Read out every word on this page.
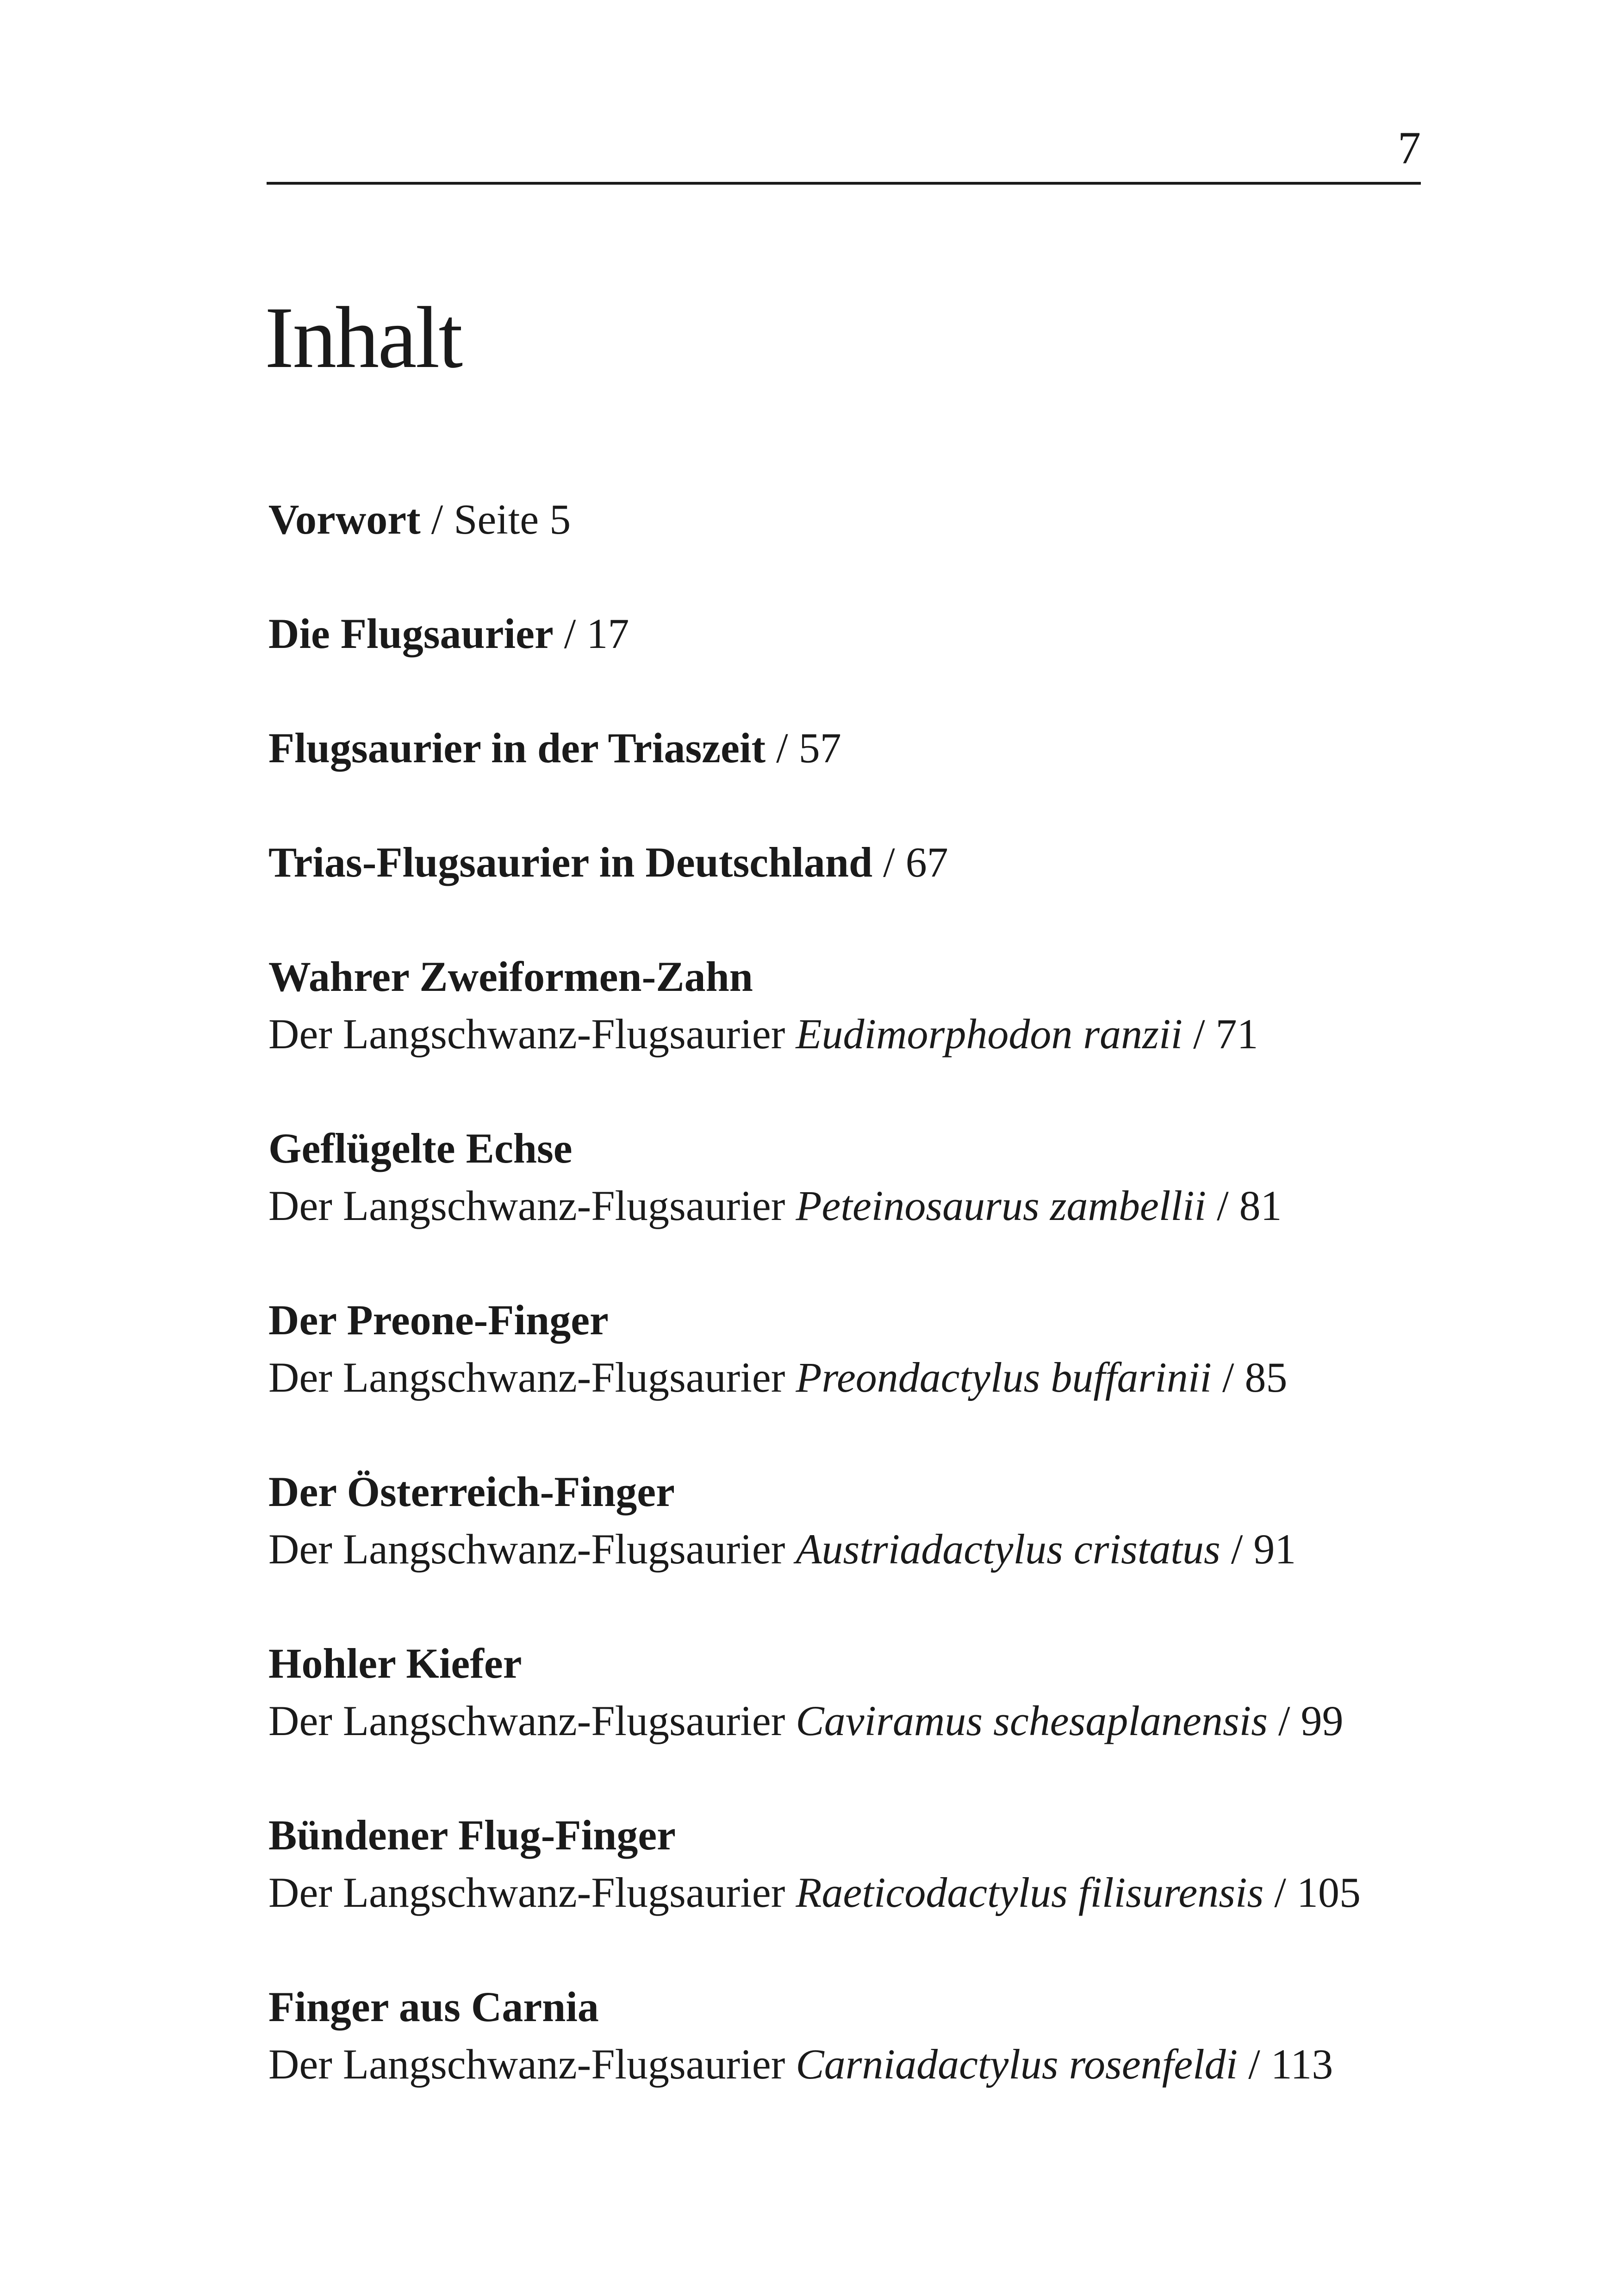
7
Inhalt
Vorwort / Seite 5
Die Flugsaurier / 17
Flugsaurier in der Triaszeit / 57
Trias-Flugsaurier in Deutschland / 67
Wahrer Zweiformen-Zahn
Der Langschwanz-Flugsaurier Eudimorphodon ranzii / 71
Geflügelte Echse
Der Langschwanz-Flugsaurier Peteinosaurus zambellii / 81
Der Preone-Finger
Der Langschwanz-Flugsaurier Preondactylus buffarinii / 85
Der Österreich-Finger
Der Langschwanz-Flugsaurier Austriadactylus cristatus / 91
Hohler Kiefer
Der Langschwanz-Flugsaurier Caviramus schesaplanensis / 99
Bündener Flug-Finger
Der Langschwanz-Flugsaurier Raeticodactylus filisurensis / 105
Finger aus Carnia
Der Langschwanz-Flugsaurier Carniadactylus rosenfeldi / 113
